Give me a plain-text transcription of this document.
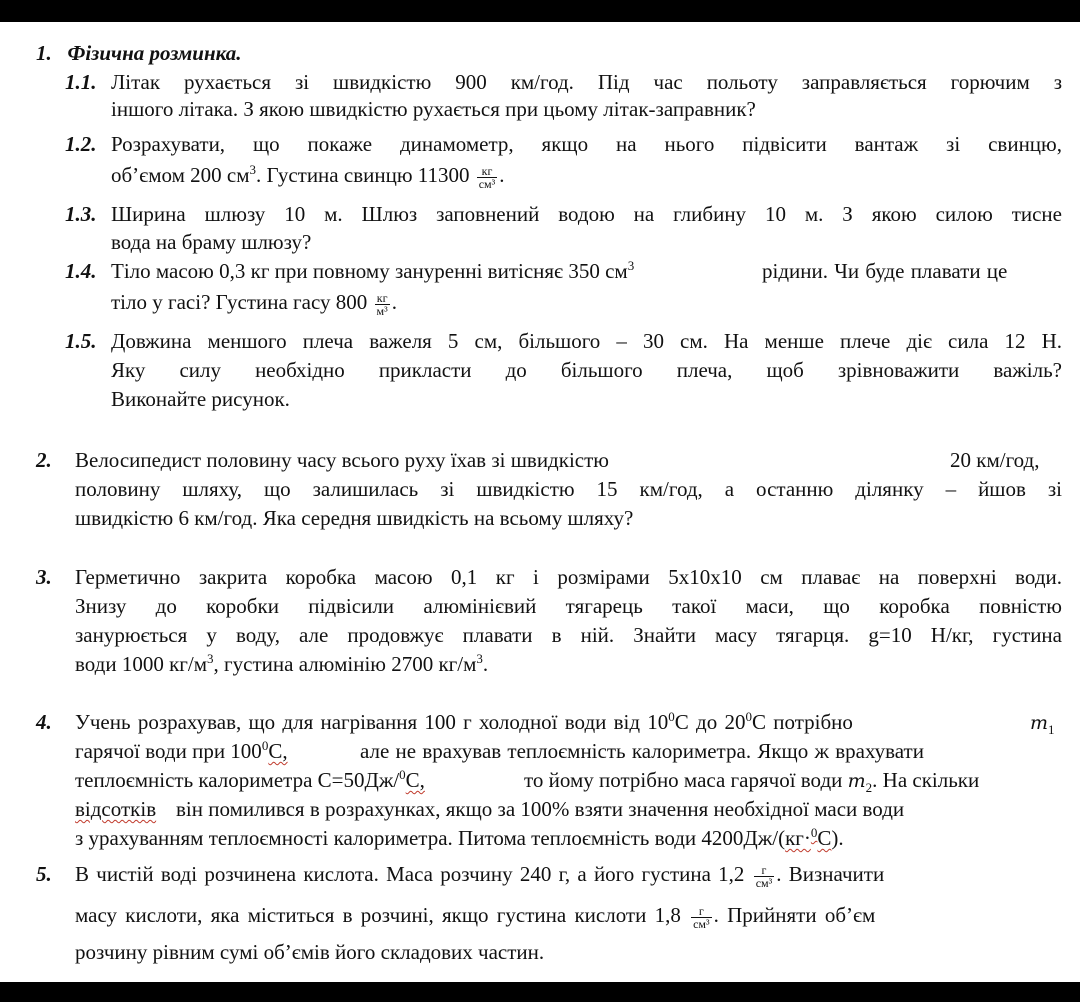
1. Фізична розминка.
1.1. Літак рухається зі швидкістю 900 км/год. Під час польоту заправляється горючим з
іншого літака. З якою швидкістю рухається при цьому літак-заправник?
1.2. Розрахувати, що покаже динамометр, якщо на нього підвісити вантаж зі свинцю,
об’ємом 200 $см^3$. Густина свинцю $11300 \frac{кг}{\text{см³}}$ .
1.3. Ширина шлюзу 10 м. Шлюз заповнений водою на глибину 10 м. З якою силою тисне
вода на браму шлюзу?
1.4. Тіло масою 0,3 кг при повному зануренні витісняє 350 $см^3$	рідини. Чи буде плавати це
тіло у гасі? Густина гасу $800 \frac{кг}{\text{м³}}$ .
1.5. Довжина меншого плеча важеля 5 см, більшого – 30 см. На менше плече діє сила 12 Н.
Яку силу необхідно прикласти до більшого плеча, щоб зрівноважити важіль?
Виконайте рисунок.
2. Велосипедист половину часу всього руху їхав зі швидкістю	20 км/год,
половину шляху, що залишилась зі швидкістю 15 км/год, а останню ділянку – йшов зі
швидкістю 6 км/год. Яка середня швидкість на всьому шляху?
3. Герметично закрита коробка масою 0,1 кг і розмірами 5х10х10 см плаває на поверхні води.
Знизу до коробки підвісили алюмінієвий тягарець такої маси, що коробка повністю
занурюється у воду, але продовжує плавати в ній. Знайти масу тягарця. g=10 Н/кг, густина
води 1000 $кг/м^3$, густина алюмінію 2700 $кг/м^3$.
4. Учень розрахував, що для нагрівання 100 г холодної води від $10^0С$ до $20^0С$ потрібно	$m_1$
гарячої води при $100^0С$,	але не врахував теплоємність калориметра. Якщо ж врахувати
теплоємність калориметра С=50Дж/$^0$С,	то йому потрібно маса гарячої води $m_2$. На скільки
відсотків він помилився в розрахунках, якщо за 100% взяти значення необхідної маси води
з урахуванням теплоємності калориметра. Питома теплоємність води 4200Дж/(кг·$^0$С).
5. В чистій воді розчинена кислота. Маса розчину 240 г, а його густина $1,2 \frac{г}{\text{см³}}$ . Визначити
масу кислоти, яка міститься в розчині, якщо густина кислоти $1,8 \frac{г}{\text{см³}}$ . Прийняти об’єм
розчину рівним сумі об’ємів його складових частин.
